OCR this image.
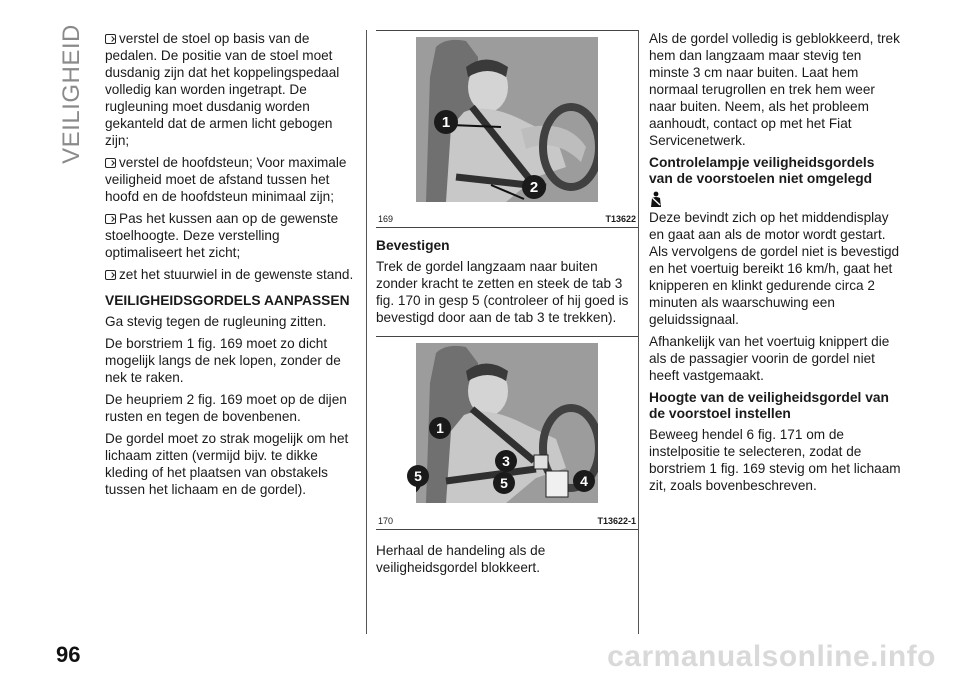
VEILIGHEID
96

verstel de stoel op basis van de pedalen. De positie van de stoel moet dusdanig zijn dat het koppelingspedaal volledig kan worden ingetrapt. De rugleuning moet dusdanig worden gekanteld dat de armen licht gebogen zijn;

verstel de hoofdsteun; Voor maximale veiligheid moet de afstand tussen het hoofd en de hoofdsteun minimaal zijn;

Pas het kussen aan op de gewenste stoelhoogte. Deze verstelling optimaliseert het zicht;

zet het stuurwiel in de gewenste stand.

VEILIGHEIDSGORDELS AANPASSEN

Ga stevig tegen de rugleuning zitten.

De borstriem 1 fig. 169 moet zo dicht mogelijk langs de nek lopen, zonder de nek te raken.

De heupriem 2 fig. 169 moet op de dijen rusten en tegen de bovenbenen.

De gordel moet zo strak mogelijk om het lichaam zitten (vermijd bijv. te dikke kleding of het plaatsen van obstakels tussen het lichaam en de gordel).

1
2
169	T13622
Bevestigen

Trek de gordel langzaam naar buiten zonder kracht te zetten en steek de tab 3 fig. 170 in gesp 5 (controleer of hij goed is bevestigd door aan de tab 3 te trekken).

1
3
4
5
5
170	T13622-1

Herhaal de handeling als de veiligheidsgordel blokkeert.

Als de gordel volledig is geblokkeerd, trek hem dan langzaam maar stevig ten minste 3 cm naar buiten. Laat hem normaal terugrollen en trek hem weer naar buiten. Neem, als het probleem aanhoudt, contact op met het Fiat Servicenetwerk.

Controlelampje veiligheidsgordels van de voorstoelen niet omgelegd

Deze bevindt zich op het middendisplay en gaat aan als de motor wordt gestart. Als vervolgens de gordel niet is bevestigd en het voertuig bereikt 16 km/h, gaat het knipperen en klinkt gedurende circa 2 minuten als waarschuwing een geluidssignaal.

Afhankelijk van het voertuig knippert die als de passagier voorin de gordel niet heeft vastgemaakt.

Hoogte van de veiligheidsgordel van de voorstoel instellen

Beweeg hendel 6 fig. 171 om de instelpositie te selecteren, zodat de borstriem 1 fig. 169 stevig om het lichaam zit, zoals bovenbeschreven.

carmanualsonline.info
